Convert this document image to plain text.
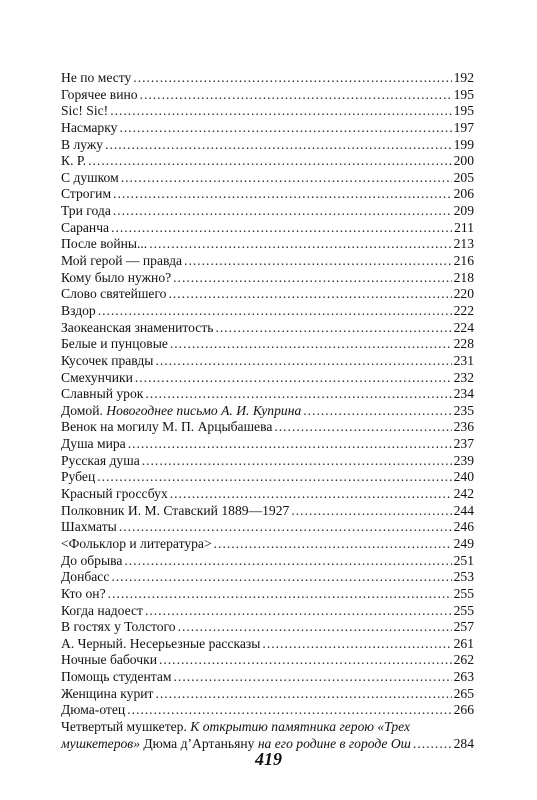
Не по месту .....	192
Горячее вино .....	195
Sic! Sic! .....	195
Насмарку .....	197
В лужу .....	199
К. Р. .....	200
С душком .....	205
Строгим .....	206
Три года .....	209
Саранча .....	211
После войны... .....	213
Мой герой — правда .....	216
Кому было нужно? .....	218
Слово святейшего .....	220
Вздор .....	222
Заокеанская знаменитость .....	224
Белые и пунцовые .....	228
Кусочек правды .....	231
Смехунчики .....	232
Славный урок .....	234
Домой. Новогоднее письмо А. И. Куприна .....	235
Венок на могилу М. П. Арцыбашева .....	236
Душа мира .....	237
Русская душа .....	239
Рубец .....	240
Красный гроссбух .....	242
Полковник И. М. Ставский 1889—1927 .....	244
Шахматы .....	246
<Фольклор и литература> .....	249
До обрыва .....	251
Донбасс .....	253
Кто он? .....	255
Когда надоест .....	255
В гостях у Толстого .....	257
А. Черный. Несерьезные рассказы .....	261
Ночные бабочки .....	262
Помощь студентам .....	263
Женщина курит .....	265
Дюма-отец .....	266
Четвертый мушкетер. К открытию памятника герою «Трех
мушкетеров» Дюма д’Артаньяну на его родине в городе Ош .....	284
419
